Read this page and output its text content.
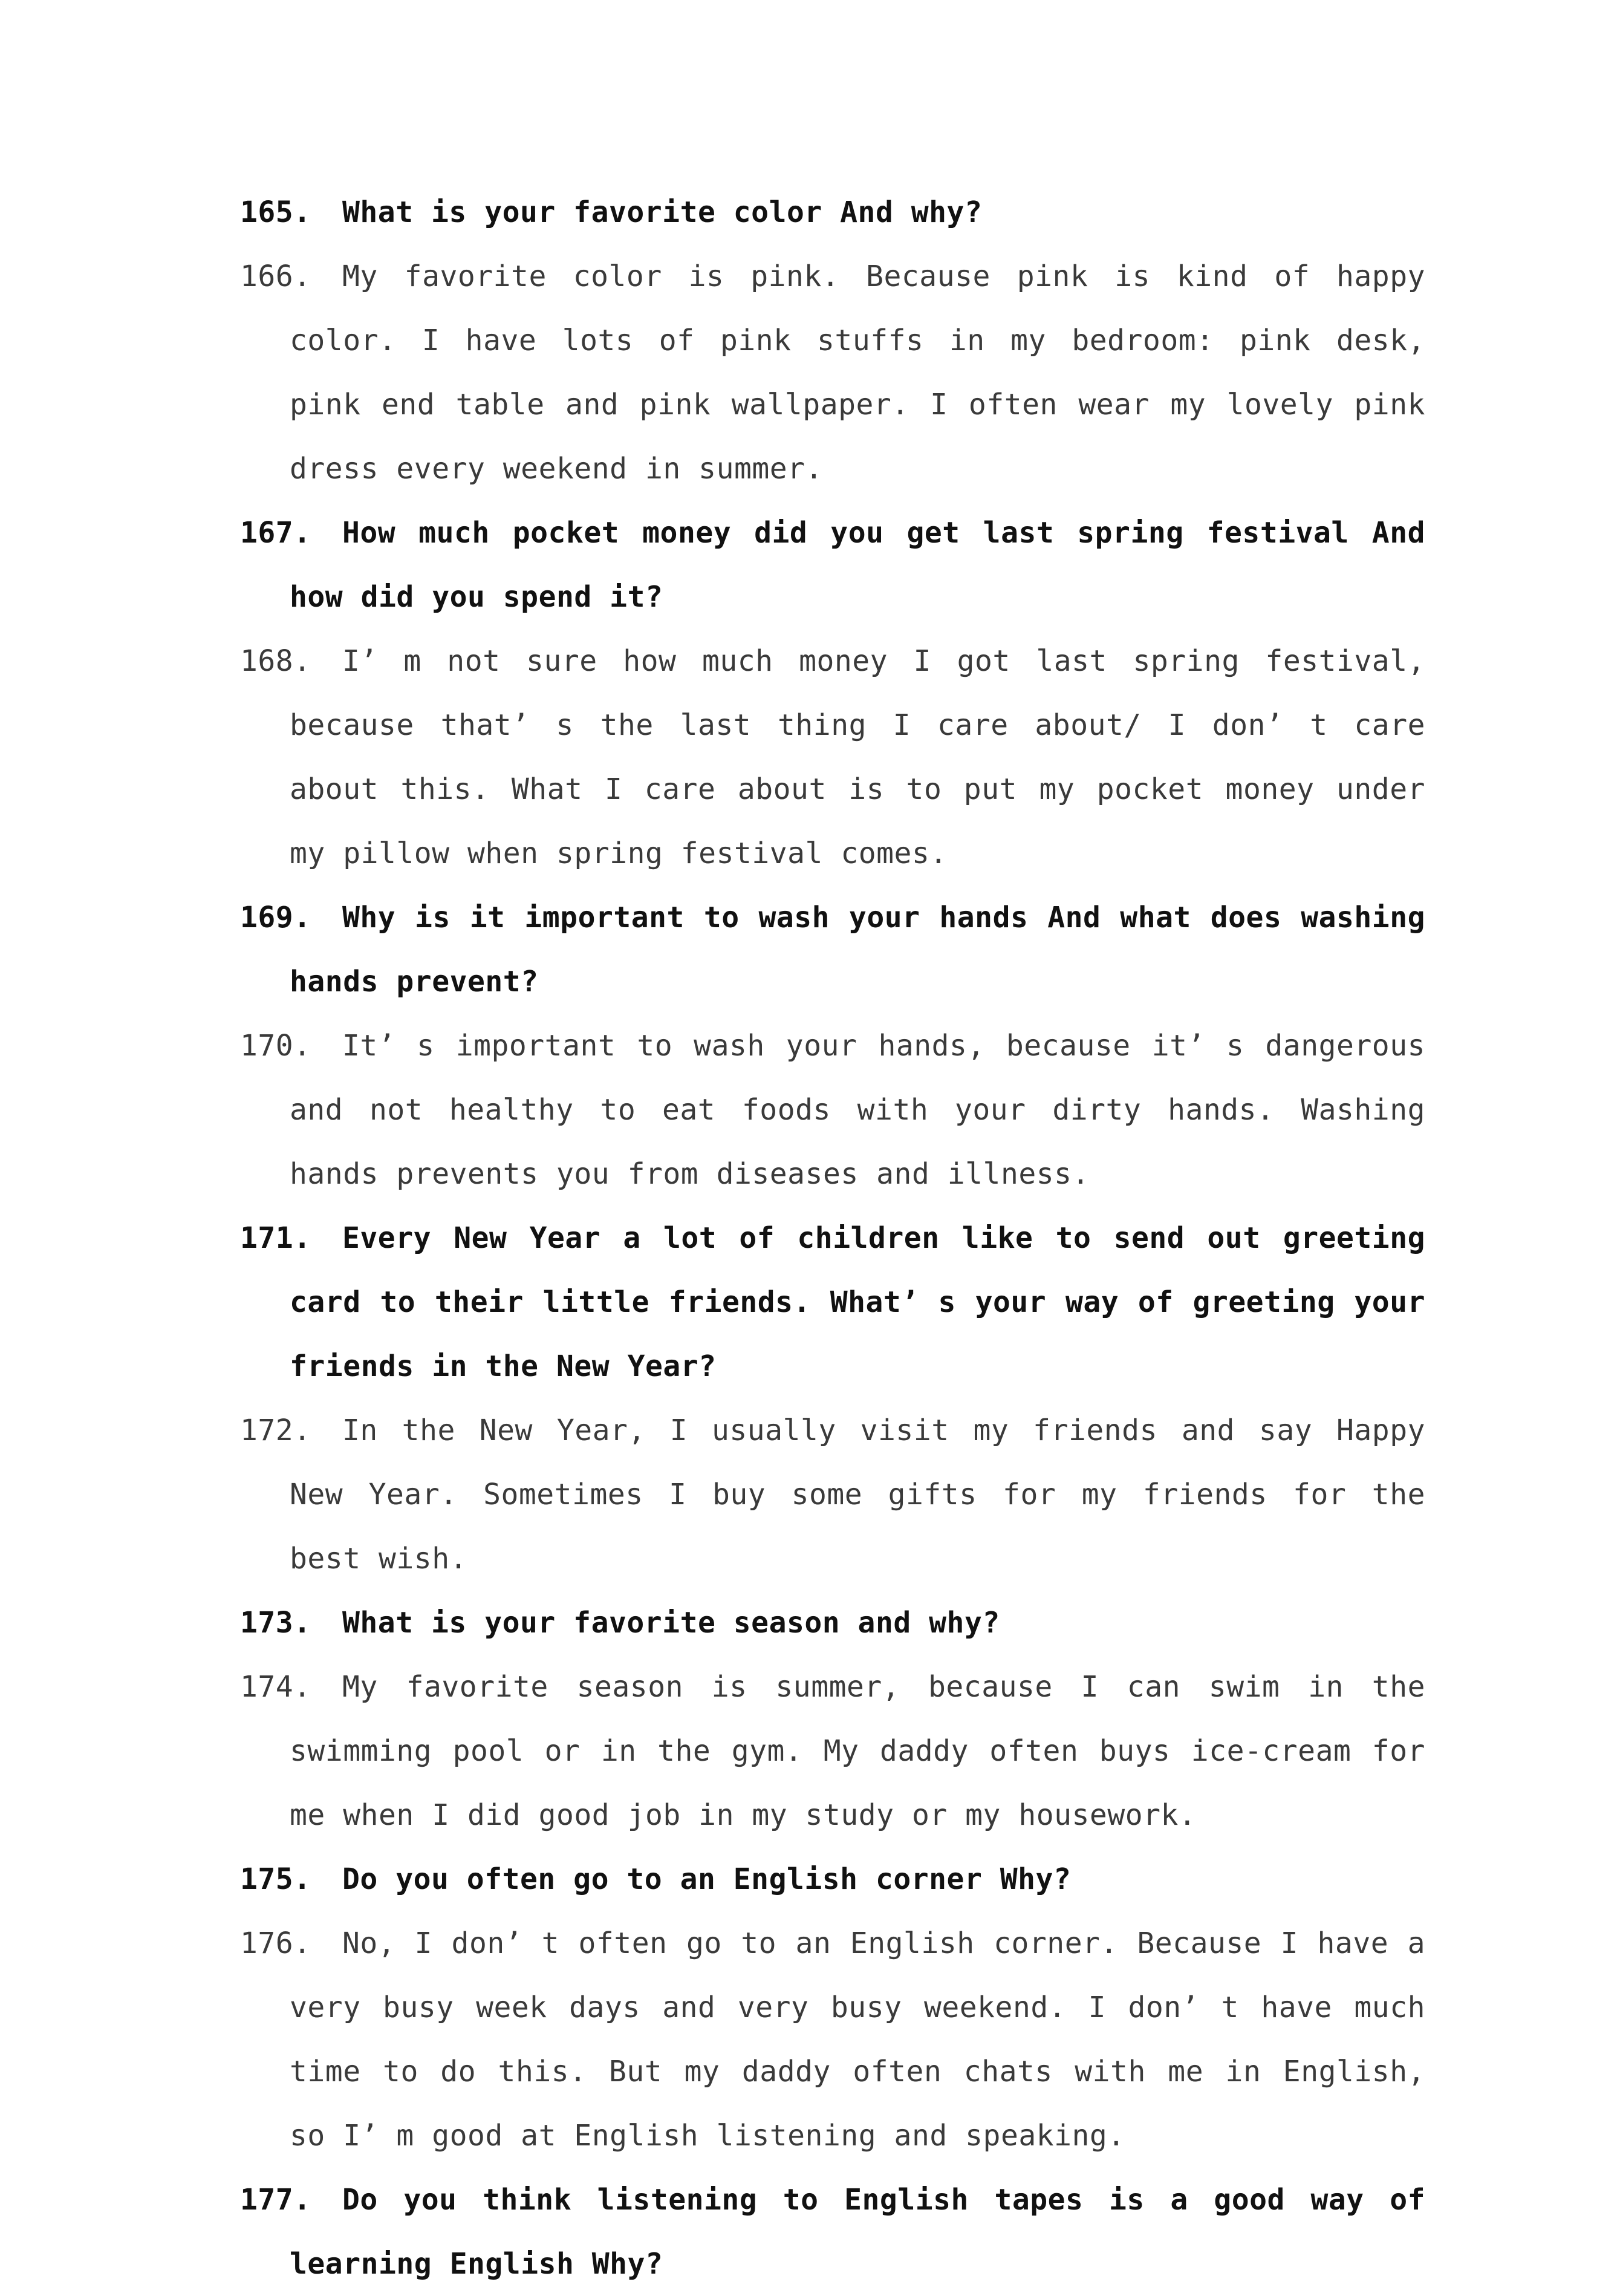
165.	What is your favorite color And why?
166.	My favorite color is pink. Because pink is kind of happy color. I have lots of pink stuffs in my bedroom: pink desk, pink end table and pink wallpaper. I often wear my lovely pink dress every weekend in summer.
167.	How much pocket money did you get last spring festival And how did you spend it?
168.	I’ m not sure how much money I got last spring festival, because that’ s the last thing I care about/ I don’ t care about this. What I care about is to put my pocket money under my pillow when spring festival comes.
169.	Why is it important to wash your hands And what does washing hands prevent?
170.	It’ s important to wash your hands, because it’ s dangerous and not healthy to eat foods with your dirty hands. Washing hands prevents you from diseases and illness.
171.	Every New Year a lot of children like to send out greeting card to their little friends. What’ s your way of greeting your friends in the New Year?
172.	In the New Year, I usually visit my friends and say Happy New Year. Sometimes I buy some gifts for my friends for the best wish.
173.	What is your favorite season and why?
174.	My favorite season is summer, because I can swim in the swimming pool or in the gym. My daddy often buys ice-cream for me when I did good job in my study or my housework.
175.	Do you often go to an English corner Why?
176.	No, I don’ t often go to an English corner. Because I have a very busy week days and very busy weekend. I don’ t have much time to do this. But my daddy often chats with me in English, so I’ m good at English listening and speaking.
177.	Do you think listening to English tapes is a good way of learning English Why?
